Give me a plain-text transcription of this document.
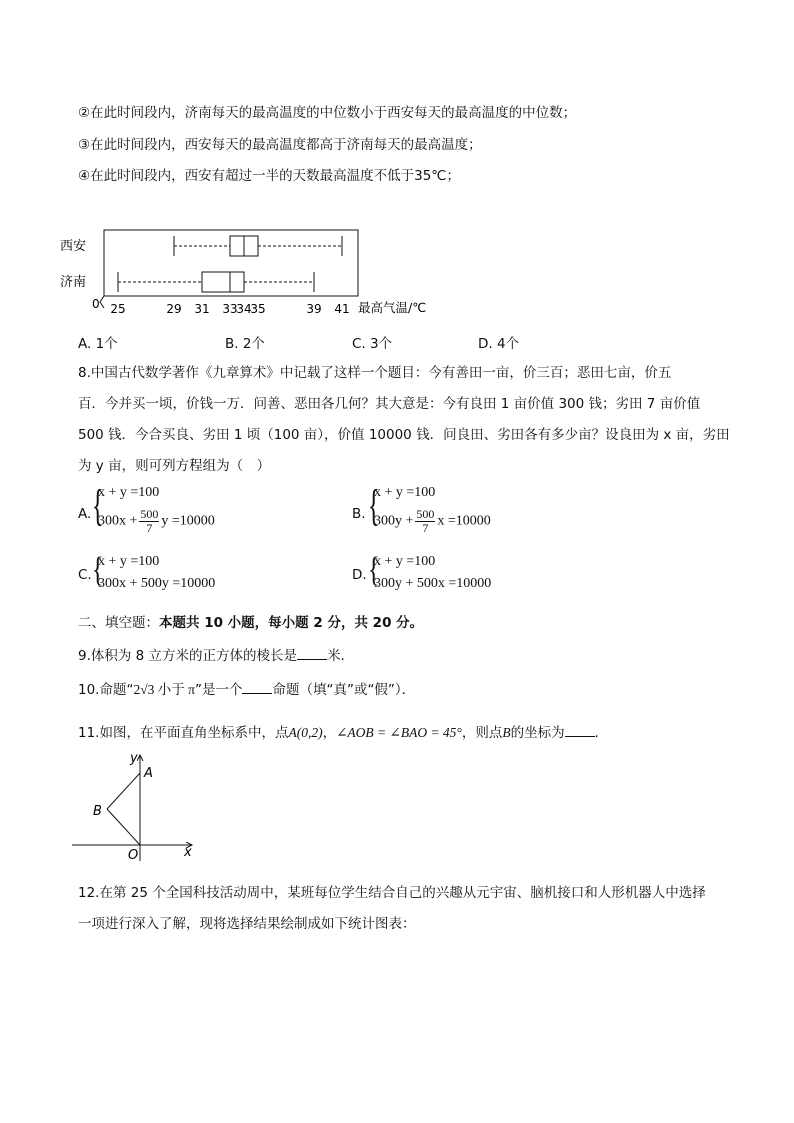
②在此时间段内，济南每天的最高温度的中位数小于西安每天的最高温度的中位数；
③在此时间段内，西安每天的最高温度都高于济南每天的最高温度；
④在此时间段内，西安有超过一半的天数最高温度不低于35℃；
0
西安
济南
25	29 31 33
34
35	39 41 最高气温/℃
A. 1个	B. 2个	C. 3个	D. 4个
8.中国古代数学著作《九章算术》中记载了这样一个题目：今有善田一亩，价三百；恶田七亩，价五
百．今并买一顷，价钱一万．问善、恶田各几何？其大意是：今有良田 1 亩价值 300 钱；劣田 7 亩价值
500 钱．今合买良、劣田 1 顷（100 亩），价值 10000 钱．问良田、劣田各有多少亩？设良田为 x 亩，劣田
为 y 亩，则可列方程组为（　）
A. {
x + y =100
$300x + \frac{500}{7}$ y =10000	B. {
x + y =100
$300y + \frac{500}{7}$ x =10000
C. {
x + y =100
300x + 500y =10000
D. {
x + y =100
300y + 500x =10000
二、填空题：本题共 10 小题，每小题 2 分，共 20 分。
9.体积为 8 立方米的正方体的棱长是 米．
10.命题“2√3 小于 π”是一个 命题（填“真”或“假”）．
11.如图，在平面直角坐标系中，点A(0,2)，∠AOB = ∠BAO = 45°，则点B的坐标为 ．
y
A
B
O	x
12.在第 25 个全国科技活动周中，某班每位学生结合自己的兴趣从元宇宙、脑机接口和人形机器人中选择
一项进行深入了解，现将选择结果绘制成如下统计图表：
